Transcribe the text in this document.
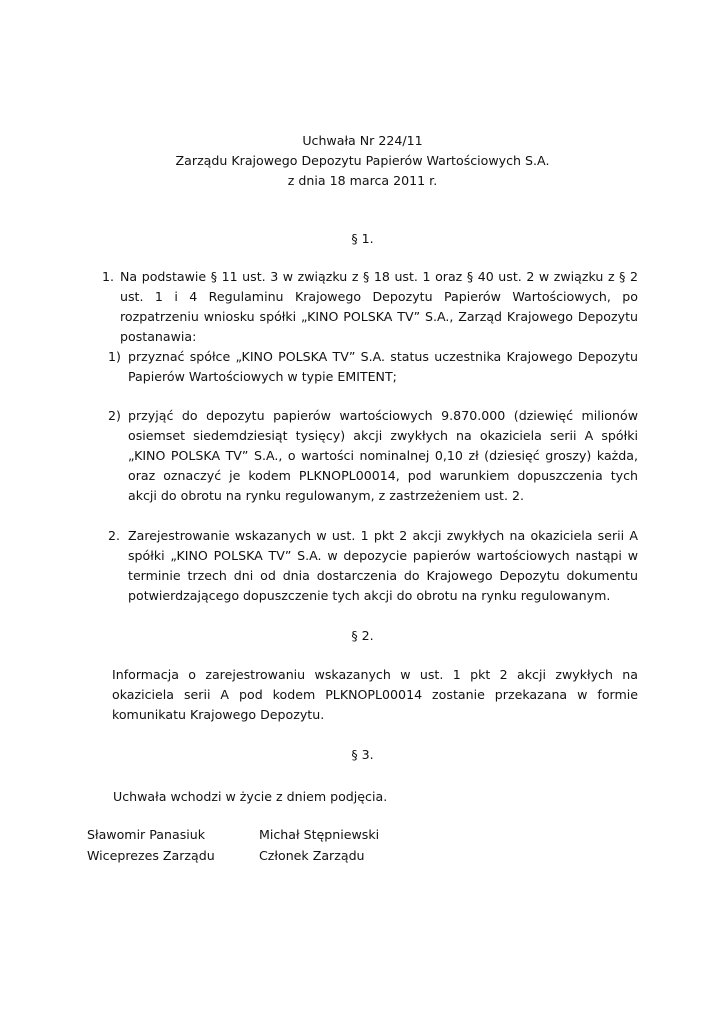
Uchwała Nr 224/11
Zarządu Krajowego Depozytu Papierów Wartościowych S.A.
z dnia 18 marca 2011 r.
§ 1.
1. Na podstawie § 11 ust. 3 w związku z § 18 ust. 1 oraz § 40 ust. 2 w związku z § 2 ust. 1 i 4 Regulaminu Krajowego Depozytu Papierów Wartościowych, po rozpatrzeniu wniosku spółki „KINO POLSKA TV” S.A., Zarząd Krajowego Depozytu postanawia:
1) przyznać spółce „KINO POLSKA TV” S.A. status uczestnika Krajowego Depozytu Papierów Wartościowych w typie EMITENT;
2) przyjąć do depozytu papierów wartościowych 9.870.000 (dziewięć milionów osiemset siedemdziesiąt tysięcy) akcji zwykłych na okaziciela serii A spółki „KINO POLSKA TV” S.A., o wartości nominalnej 0,10 zł (dziesięć groszy) każda, oraz oznaczyć je kodem PLKNOPL00014, pod warunkiem dopuszczenia tych akcji do obrotu na rynku regulowanym, z zastrzeżeniem ust. 2.
2. Zarejestrowanie wskazanych w ust. 1 pkt 2 akcji zwykłych na okaziciela serii A spółki „KINO POLSKA TV” S.A. w depozycie papierów wartościowych nastąpi w terminie trzech dni od dnia dostarczenia do Krajowego Depozytu dokumentu potwierdzającego dopuszczenie tych akcji do obrotu na rynku regulowanym.
§ 2.
Informacja o zarejestrowaniu wskazanych w ust. 1 pkt 2 akcji zwykłych na okaziciela serii A pod kodem PLKNOPL00014 zostanie przekazana w formie komunikatu Krajowego Depozytu.
§ 3.
Uchwała wchodzi w życie z dniem podjęcia.
Sławomir Panasiuk
Wiceprezes Zarządu
Michał Stępniewski
Członek Zarządu
